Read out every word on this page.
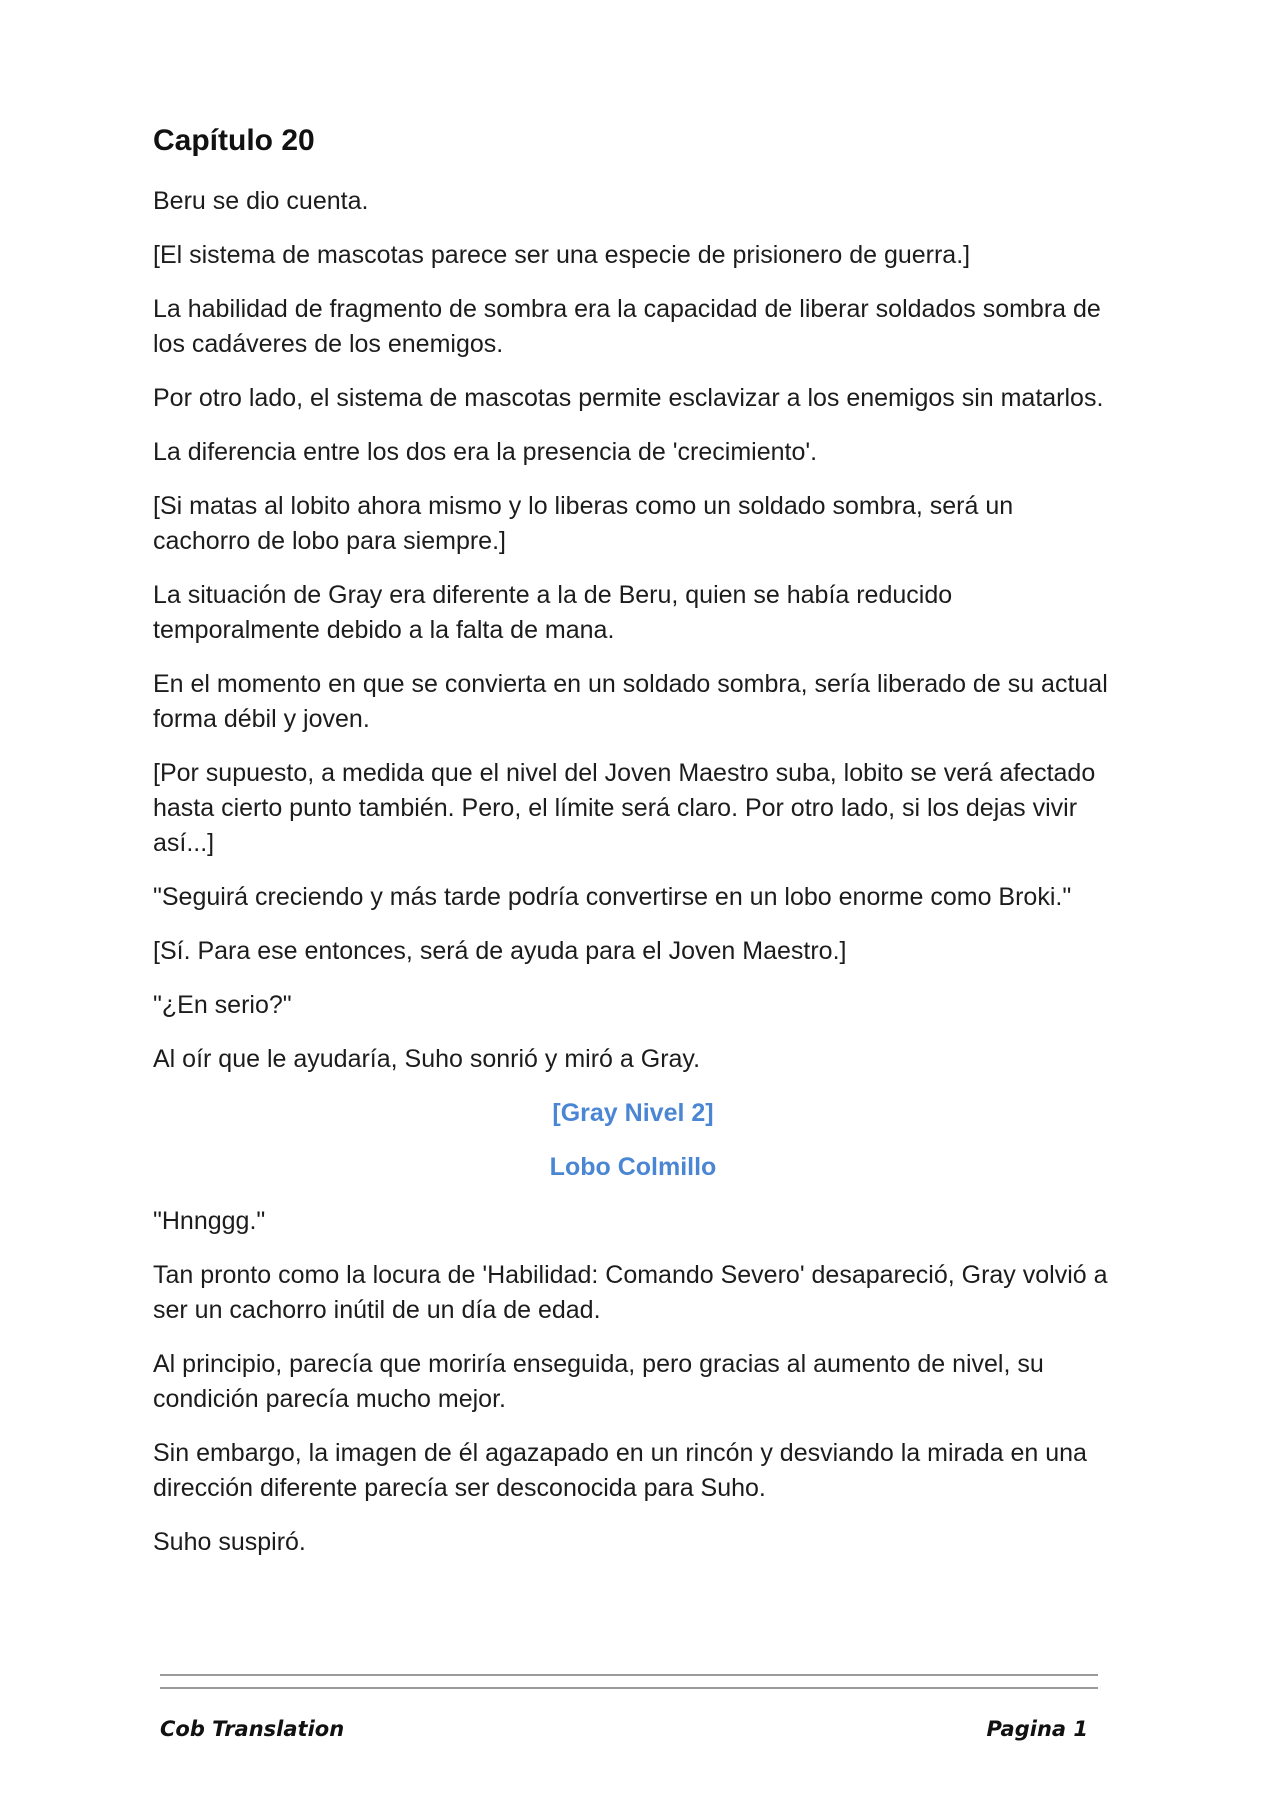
Capítulo 20

Beru se dio cuenta.

[El sistema de mascotas parece ser una especie de prisionero de guerra.]

La habilidad de fragmento de sombra era la capacidad de liberar soldados sombra de los cadáveres de los enemigos.

Por otro lado, el sistema de mascotas permite esclavizar a los enemigos sin matarlos.

La diferencia entre los dos era la presencia de 'crecimiento'.

[Si matas al lobito ahora mismo y lo liberas como un soldado sombra, será un cachorro de lobo para siempre.]

La situación de Gray era diferente a la de Beru, quien se había reducido temporalmente debido a la falta de mana.

En el momento en que se convierta en un soldado sombra, sería liberado de su actual forma débil y joven.

[Por supuesto, a medida que el nivel del Joven Maestro suba, lobito se verá afectado hasta cierto punto también. Pero, el límite será claro. Por otro lado, si los dejas vivir así...]

"Seguirá creciendo y más tarde podría convertirse en un lobo enorme como Broki."

[Sí. Para ese entonces, será de ayuda para el Joven Maestro.]

"¿En serio?"

Al oír que le ayudaría, Suho sonrió y miró a Gray.

[Gray Nivel 2]

Lobo Colmillo

"Hnnggg."

Tan pronto como la locura de 'Habilidad: Comando Severo' desapareció, Gray volvió a ser un cachorro inútil de un día de edad.

Al principio, parecía que moriría enseguida, pero gracias al aumento de nivel, su condición parecía mucho mejor.

Sin embargo, la imagen de él agazapado en un rincón y desviando la mirada en una dirección diferente parecía ser desconocida para Suho.

Suho suspiró.

Cob Translation	Pagina 1
